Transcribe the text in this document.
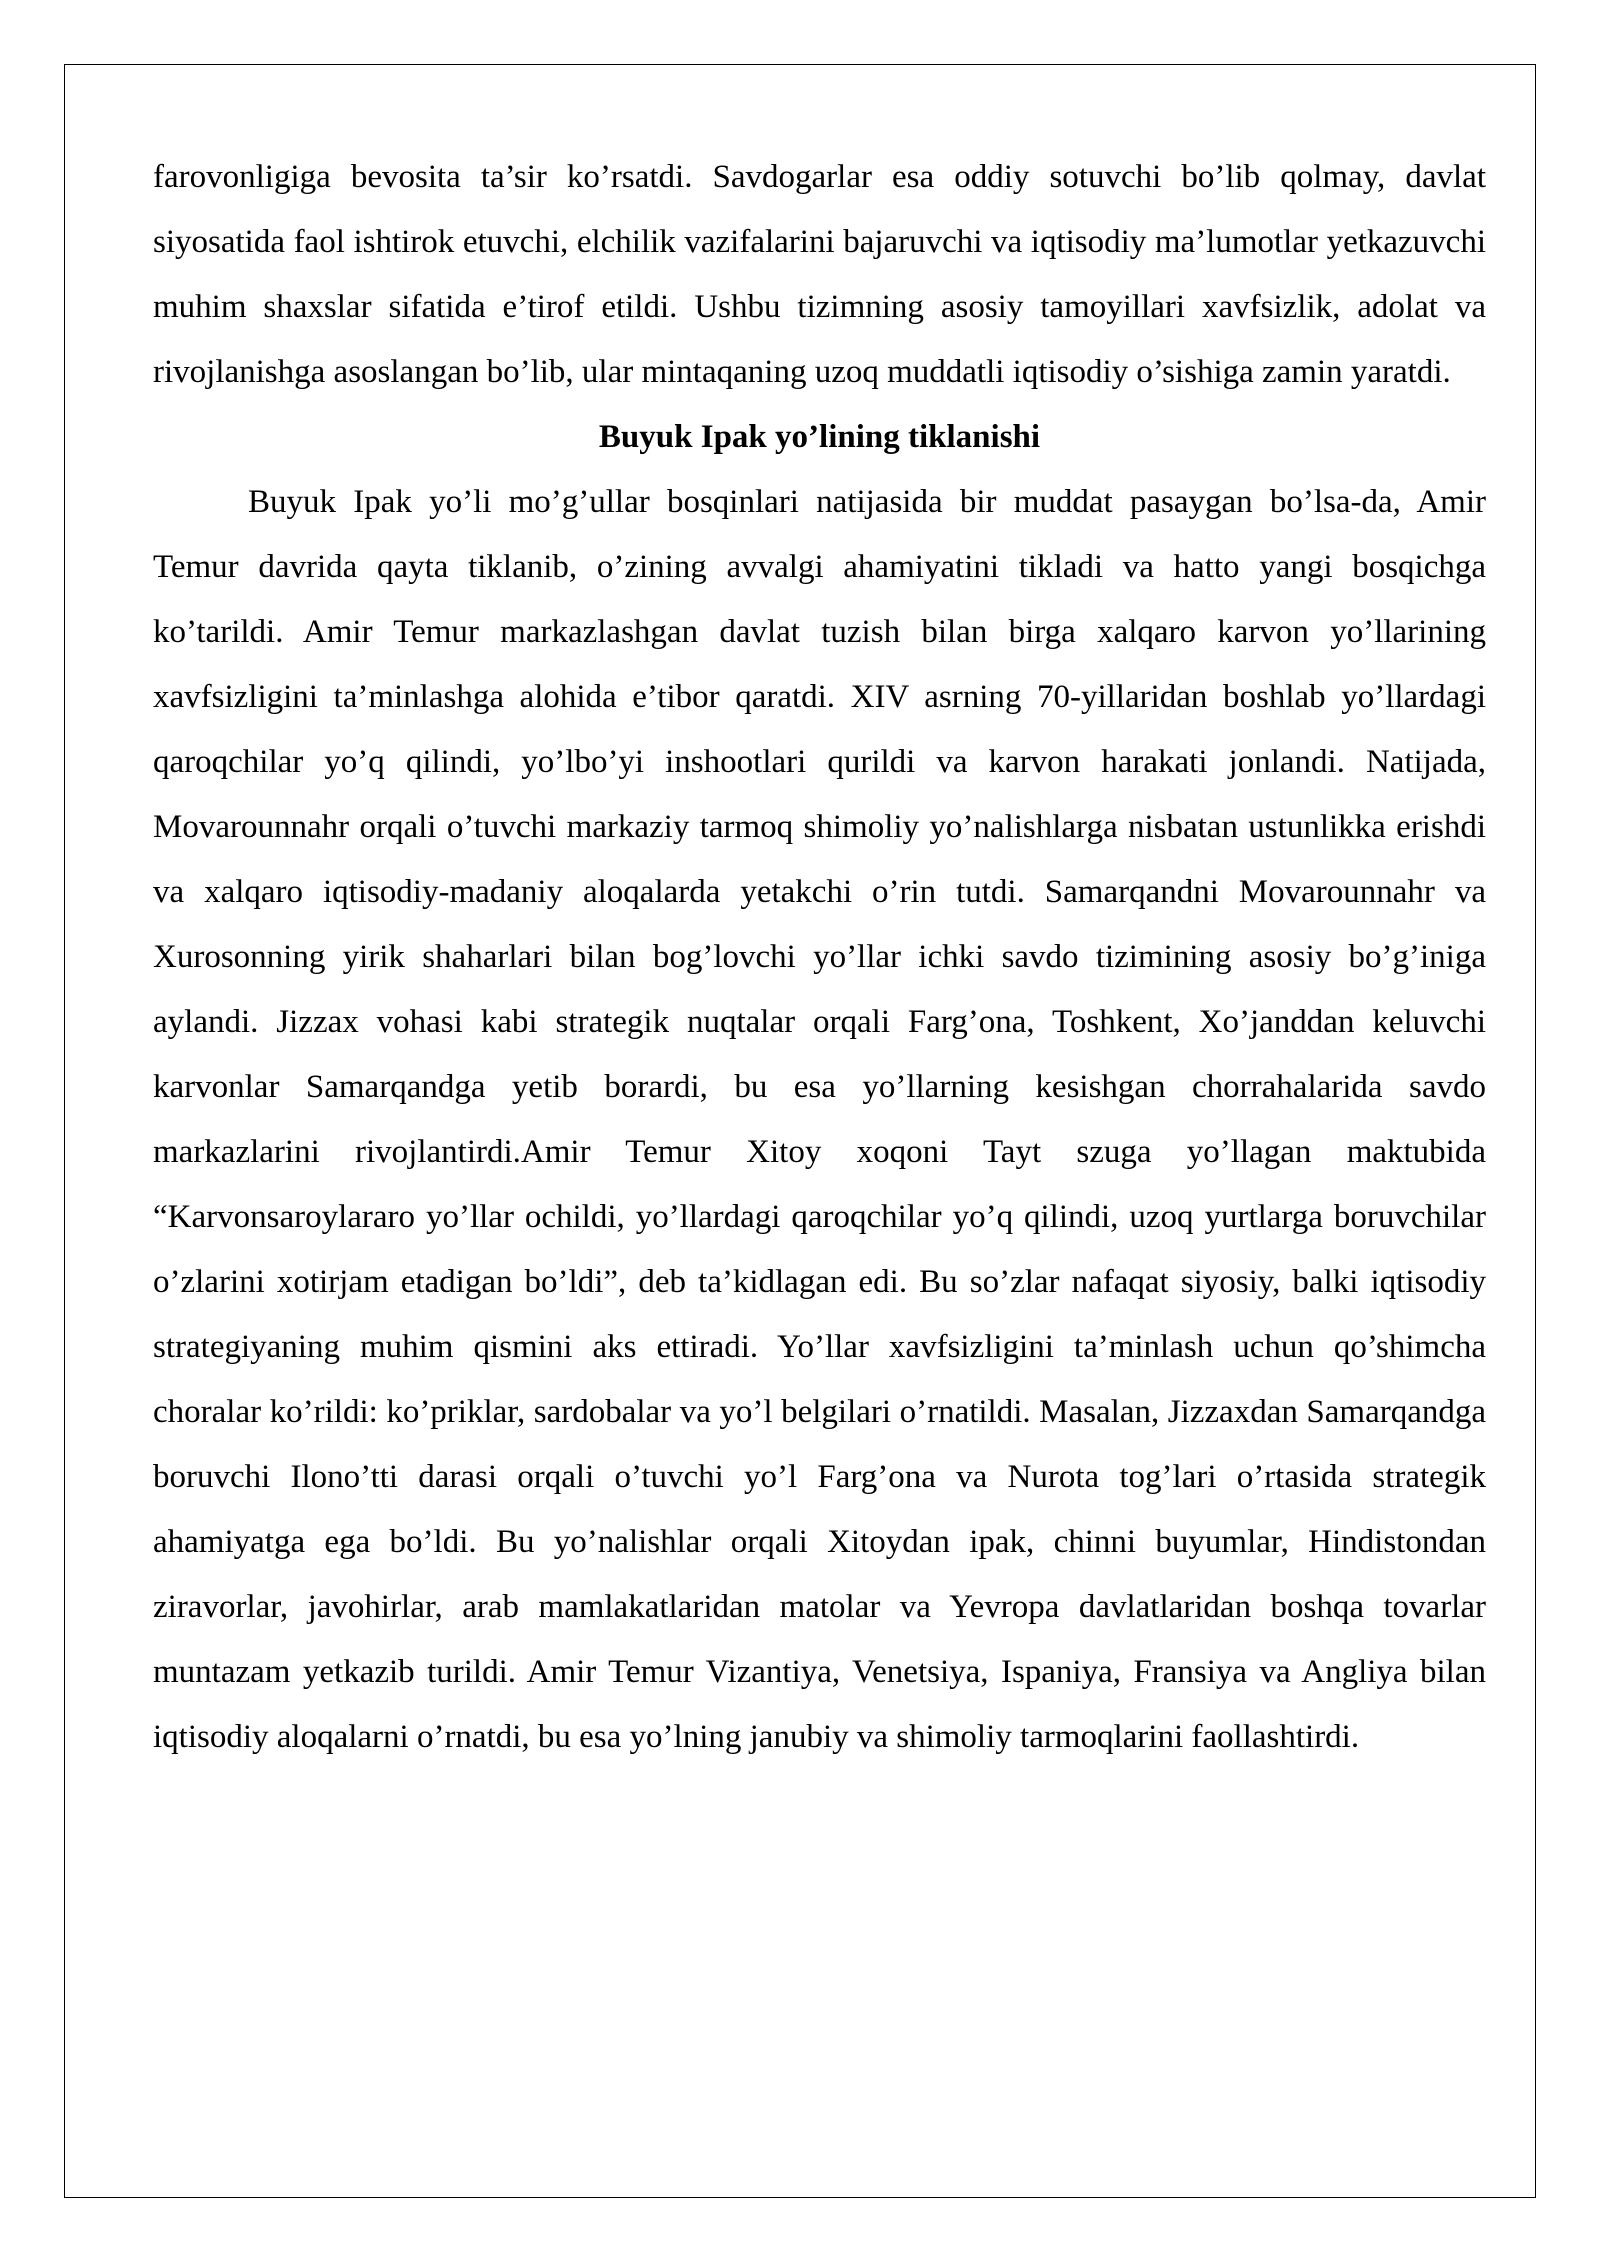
farovonligiga bevosita ta’sir ko’rsatdi. Savdogarlar esa oddiy sotuvchi bo’lib qolmay, davlat siyosatida faol ishtirok etuvchi, elchilik vazifalarini bajaruvchi va iqtisodiy ma’lumotlar yetkazuvchi muhim shaxslar sifatida e’tirof etildi. Ushbu tizimning asosiy tamoyillari xavfsizlik, adolat va rivojlanishga asoslangan bo’lib, ular mintaqaning uzoq muddatli iqtisodiy o’sishiga zamin yaratdi.

Buyuk Ipak yo’lining tiklanishi

Buyuk Ipak yo’li mo’g’ullar bosqinlari natijasida bir muddat pasaygan bo’lsa-da, Amir Temur davrida qayta tiklanib, o’zining avvalgi ahamiyatini tikladi va hatto yangi bosqichga ko’tarildi. Amir Temur markazlashgan davlat tuzish bilan birga xalqaro karvon yo’llarining xavfsizligini ta’minlashga alohida e’tibor qaratdi. XIV asrning 70-yillaridan boshlab yo’llardagi qaroqchilar yo’q qilindi, yo’lbo’yi inshootlari qurildi va karvon harakati jonlandi. Natijada, Movarounnahr orqali o’tuvchi markaziy tarmoq shimoliy yo’nalishlarga nisbatan ustunlikka erishdi va xalqaro iqtisodiy-madaniy aloqalarda yetakchi o’rin tutdi. Samarqandni Movarounnahr va Xurosonning yirik shaharlari bilan bog’lovchi yo’llar ichki savdo tizimining asosiy bo’g’iniga aylandi. Jizzax vohasi kabi strategik nuqtalar orqali Farg’ona, Toshkent, Xo’janddan keluvchi karvonlar Samarqandga yetib borardi, bu esa yo’llarning kesishgan chorrahalarida savdo markazlarini rivojlantirdi.Amir Temur Xitoy xoqoni Tayt szuga yo’llagan maktubida “Karvonsaroylararo yo’llar ochildi, yo’llardagi qaroqchilar yo’q qilindi, uzoq yurtlarga boruvchilar o’zlarini xotirjam etadigan bo’ldi”, deb ta’kidlagan edi. Bu so’zlar nafaqat siyosiy, balki iqtisodiy strategiyaning muhim qismini aks ettiradi. Yo’llar xavfsizligini ta’minlash uchun qo’shimcha choralar ko’rildi: ko’priklar, sardobalar va yo’l belgilari o’rnatildi. Masalan, Jizzaxdan Samarqandga boruvchi Ilono’tti darasi orqali o’tuvchi yo’l Farg’ona va Nurota tog’lari o’rtasida strategik ahamiyatga ega bo’ldi. Bu yo’nalishlar orqali Xitoydan ipak, chinni buyumlar, Hindistondan ziravorlar, javohirlar, arab mamlakatlaridan matolar va Yevropa davlatlaridan boshqa tovarlar muntazam yetkazib turildi. Amir Temur Vizantiya, Venetsiya, Ispaniya, Fransiya va Angliya bilan iqtisodiy aloqalarni o’rnatdi, bu esa yo’lning janubiy va shimoliy tarmoqlarini faollashtirdi.
